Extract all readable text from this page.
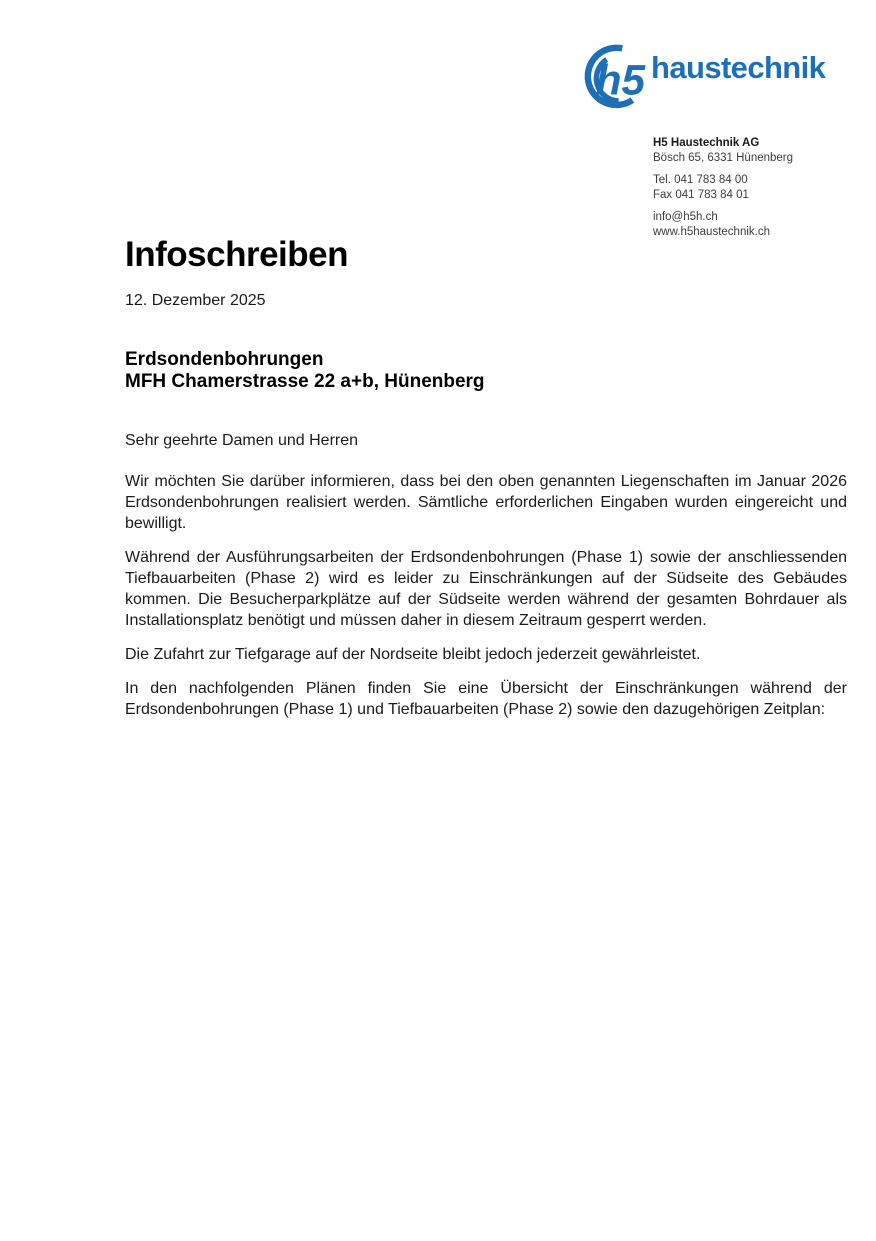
h5 haustechnik
H5 Haustechnik AG
Bösch 65, 6331 Hünenberg
Tel. 041 783 84 00
Fax 041 783 84 01
info@h5h.ch
www.h5haustechnik.ch
Infoschreiben
12. Dezember 2025
Erdsondenbohrungen
MFH Chamerstrasse 22 a+b, Hünenberg
Sehr geehrte Damen und Herren

Wir möchten Sie darüber informieren, dass bei den oben genannten Liegenschaften im Januar 2026 Erdsondenbohrungen realisiert werden. Sämtliche erforderlichen Eingaben wurden eingereicht und bewilligt.

Während der Ausführungsarbeiten der Erdsondenbohrungen (Phase 1) sowie der anschliessenden Tiefbauarbeiten (Phase 2) wird es leider zu Einschränkungen auf der Südseite des Gebäudes kommen. Die Besucherparkplätze auf der Südseite werden während der gesamten Bohrdauer als Installationsplatz benötigt und müssen daher in diesem Zeitraum gesperrt werden.

Die Zufahrt zur Tiefgarage auf der Nordseite bleibt jedoch jederzeit gewährleistet.

In den nachfolgenden Plänen finden Sie eine Übersicht der Einschränkungen während der Erdsondenbohrungen (Phase 1) und Tiefbauarbeiten (Phase 2) sowie den dazugehörigen Zeitplan:
